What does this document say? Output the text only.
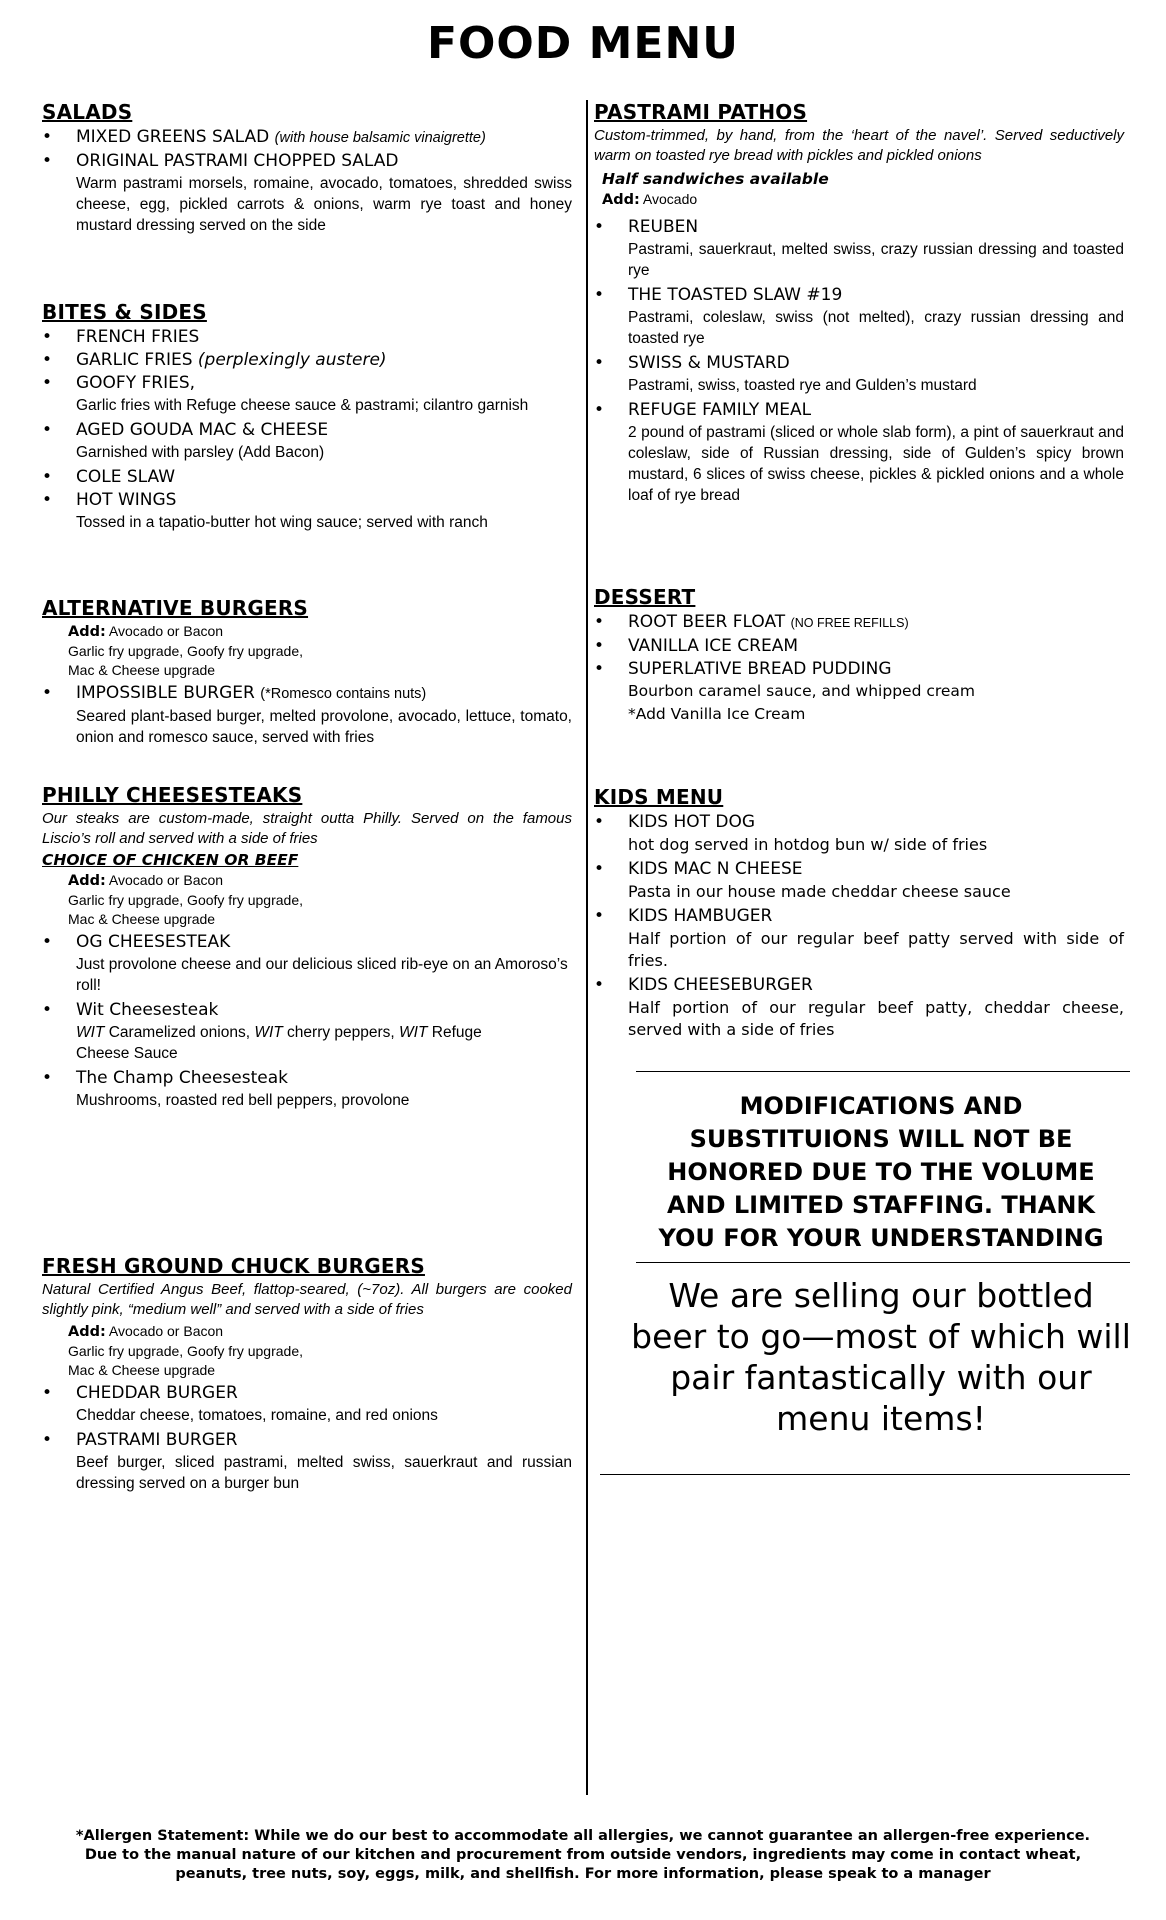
FOOD MENU
SALADS
• MIXED GREENS SALAD (with house balsamic vinaigrette)
• ORIGINAL PASTRAMI CHOPPED SALAD
Warm pastrami morsels, romaine, avocado, tomatoes, shredded swiss cheese, egg, pickled carrots & onions, warm rye toast and honey mustard dressing served on the side
BITES & SIDES
• FRENCH FRIES
• GARLIC FRIES (perplexingly austere)
• GOOFY FRIES,
Garlic fries with Refuge cheese sauce & pastrami; cilantro garnish
• AGED GOUDA MAC & CHEESE
Garnished with parsley (Add Bacon)
• COLE SLAW
• HOT WINGS
Tossed in a tapatio-butter hot wing sauce; served with ranch
ALTERNATIVE BURGERS
Add: Avocado or Bacon
Garlic fry upgrade, Goofy fry upgrade,
Mac & Cheese upgrade
• IMPOSSIBLE BURGER (*Romesco contains nuts)
Seared plant-based burger, melted provolone, avocado, lettuce, tomato, onion and romesco sauce, served with fries
PHILLY CHEESESTEAKS

Our steaks are custom-made, straight outta Philly. Served on the famous Liscio’s roll and served with a side of fries

CHOICE OF CHICKEN OR BEEF
Add: Avocado or Bacon
Garlic fry upgrade, Goofy fry upgrade,
Mac & Cheese upgrade
• OG CHEESESTEAK
Just provolone cheese and our delicious sliced rib-eye on an Amoroso’s roll!
• Wit Cheesesteak
WIT Caramelized onions, WIT cherry peppers, WIT Refuge Cheese Sauce
• The Champ Cheesesteak
Mushrooms, roasted red bell peppers, provolone
FRESH GROUND CHUCK BURGERS

Natural Certified Angus Beef, flattop-seared, (~7oz). All burgers are cooked slightly pink, “medium well” and served with a side of fries

Add: Avocado or Bacon
Garlic fry upgrade, Goofy fry upgrade,
Mac & Cheese upgrade
• CHEDDAR BURGER
Cheddar cheese, tomatoes, romaine, and red onions
• PASTRAMI BURGER
Beef burger, sliced pastrami, melted swiss, sauerkraut and russian dressing served on a burger bun
PASTRAMI PATHOS

Custom-trimmed, by hand, from the ‘heart of the navel’. Served seductively warm on toasted rye bread with pickles and pickled onions

Half sandwiches available
Add: Avocado
• REUBEN
Pastrami, sauerkraut, melted swiss, crazy russian dressing and toasted rye
• THE TOASTED SLAW #19
Pastrami, coleslaw, swiss (not melted), crazy russian dressing and toasted rye
• SWISS & MUSTARD
Pastrami, swiss, toasted rye and Gulden’s mustard
• REFUGE FAMILY MEAL
2 pound of pastrami (sliced or whole slab form), a pint of sauerkraut and coleslaw, side of Russian dressing, side of Gulden’s spicy brown mustard, 6 slices of swiss cheese, pickles & pickled onions and a whole loaf of rye bread
DESSERT
• ROOT BEER FLOAT (NO FREE REFILLS)
• VANILLA ICE CREAM
• SUPERLATIVE BREAD PUDDING
Bourbon caramel sauce, and whipped cream
*Add Vanilla Ice Cream
KIDS MENU
• KIDS HOT DOG
hot dog served in hotdog bun w/ side of fries
• KIDS MAC N CHEESE
Pasta in our house made cheddar cheese sauce
• KIDS HAMBUGER
Half portion of our regular beef patty served with side of fries.
• KIDS CHEESEBURGER
Half portion of our regular beef patty, cheddar cheese, served with a side of fries
MODIFICATIONS AND SUBSTITUIONS WILL NOT BE HONORED DUE TO THE VOLUME AND LIMITED STAFFING. THANK YOU FOR YOUR UNDERSTANDING
We are selling our bottled beer to go—most of which will pair fantastically with our menu items!
*Allergen Statement: While we do our best to accommodate all allergies, we cannot guarantee an allergen-free experience. Due to the manual nature of our kitchen and procurement from outside vendors, ingredients may come in contact wheat, peanuts, tree nuts, soy, eggs, milk, and shellfish. For more information, please speak to a manager
